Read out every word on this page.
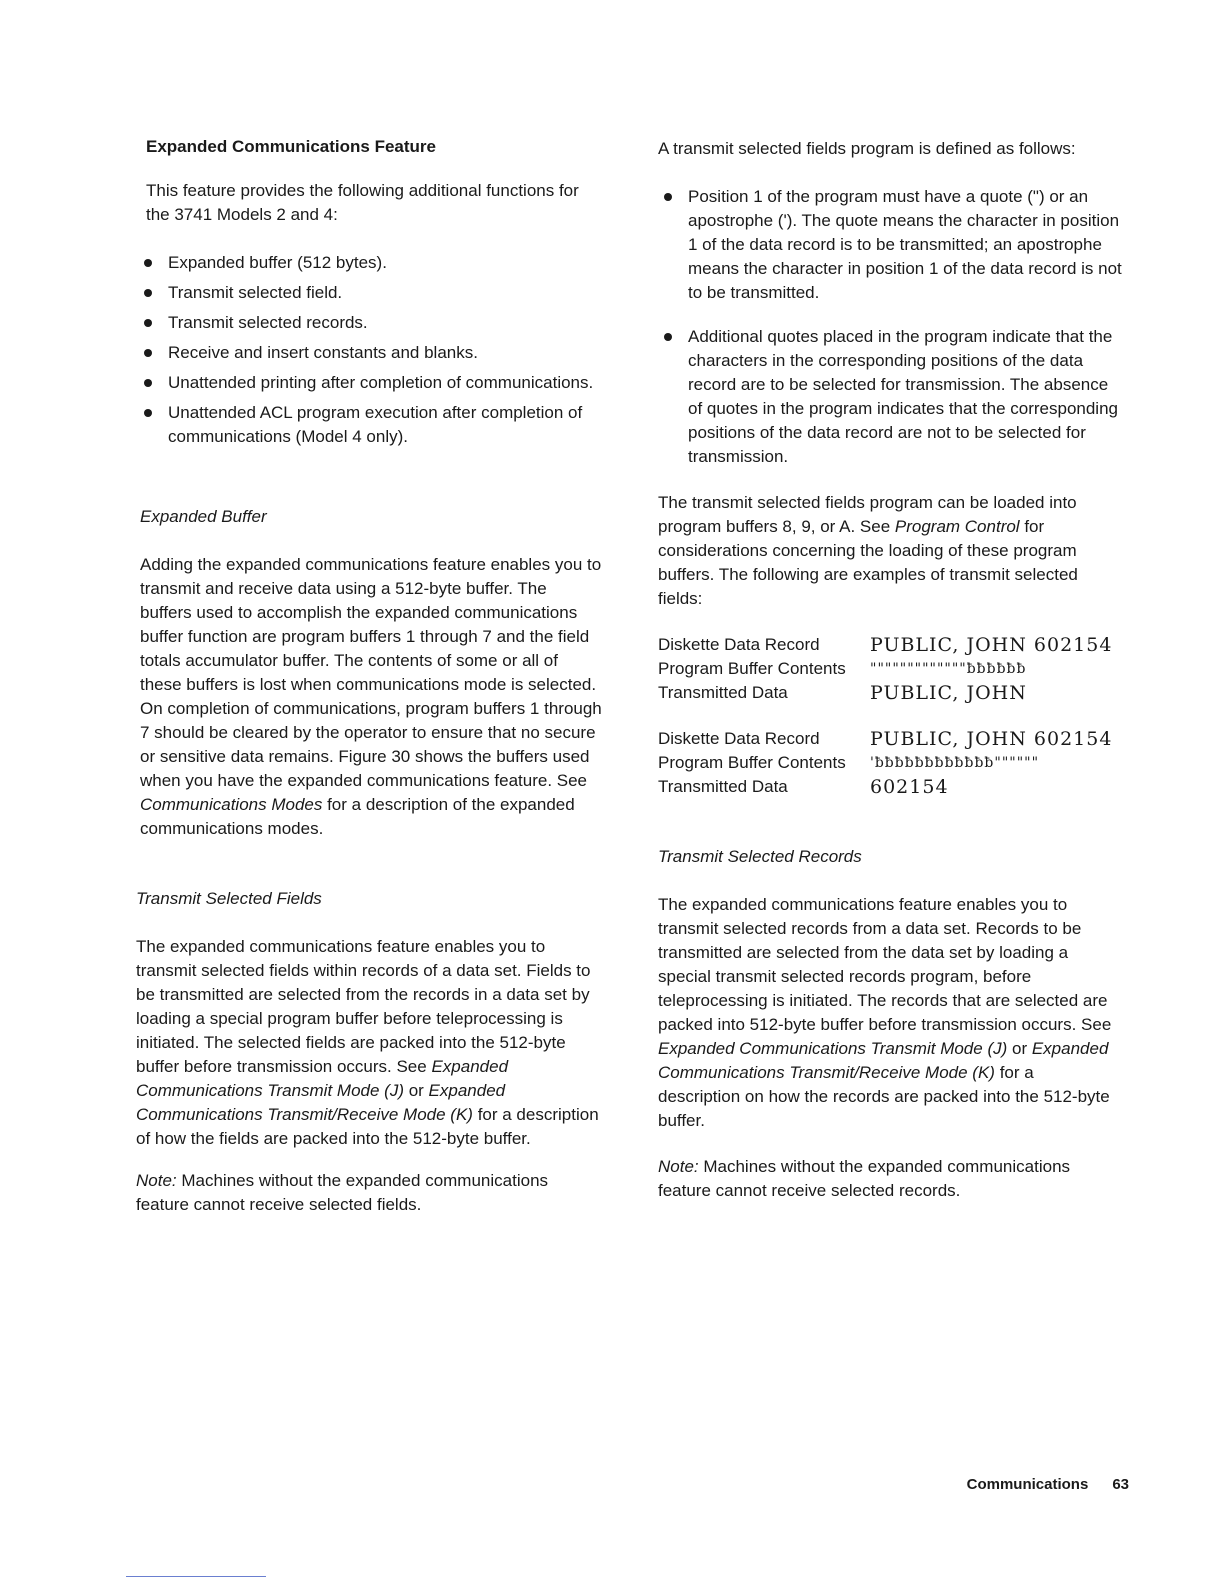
Expanded Communications Feature

This feature provides the following additional functions for the 3741 Models 2 and 4:

Expanded buffer (512 bytes).
Transmit selected field.
Transmit selected records.
Receive and insert constants and blanks.
Unattended printing after completion of communications.
Unattended ACL program execution after completion of communications (Model 4 only).

Expanded Buffer

Adding the expanded communications feature enables you to transmit and receive data using a 512-byte buffer. The buffers used to accomplish the expanded communications buffer function are program buffers 1 through 7 and the field totals accumulator buffer. The contents of some or all of these buffers is lost when communications mode is selected. On completion of communications, program buffers 1 through 7 should be cleared by the operator to ensure that no secure or sensitive data remains. Figure 30 shows the buffers used when you have the expanded communications feature. See Communications Modes for a description of the expanded communications modes.

Transmit Selected Fields

The expanded communications feature enables you to transmit selected fields within records of a data set. Fields to be transmitted are selected from the records in a data set by loading a special program buffer before teleprocessing is initiated. The selected fields are packed into the 512-byte buffer before transmission occurs. See Expanded Communications Transmit Mode (J) or Expanded Communications Transmit/Receive Mode (K) for a description of how the fields are packed into the 512-byte buffer.

Note: Machines without the expanded communications feature cannot receive selected fields.

A transmit selected fields program is defined as follows:

Position 1 of the program must have a quote (") or an apostrophe ('). The quote means the character in position 1 of the data record is to be transmitted; an apostrophe means the character in position 1 of the data record is not to be transmitted.
Additional quotes placed in the program indicate that the characters in the corresponding positions of the data record are to be selected for transmission. The absence of quotes in the program indicates that the corresponding positions of the data record are not to be selected for transmission.

The transmit selected fields program can be loaded into program buffers 8, 9, or A. See Program Control for considerations concerning the loading of these program buffers. The following are examples of transmit selected fields:

Diskette Data Record	PUBLIC, JOHN 602154
Program Buffer Contents	"""""""""""""ƀƀƀƀƀƀ
Transmitted Data	PUBLIC, JOHN
Diskette Data Record	PUBLIC, JOHN 602154
Program Buffer Contents	'ƀƀƀƀƀƀƀƀƀƀƀƀ""""""
Transmitted Data	602154

Transmit Selected Records

The expanded communications feature enables you to transmit selected records from a data set. Records to be transmitted are selected from the data set by loading a special transmit selected records program, before teleprocessing is initiated. The records that are selected are packed into 512-byte buffer before transmission occurs. See Expanded Communications Transmit Mode (J) or Expanded Communications Transmit/Receive Mode (K) for a description on how the records are packed into the 512-byte buffer.

Note: Machines without the expanded communications feature cannot receive selected records.

Communications 63
